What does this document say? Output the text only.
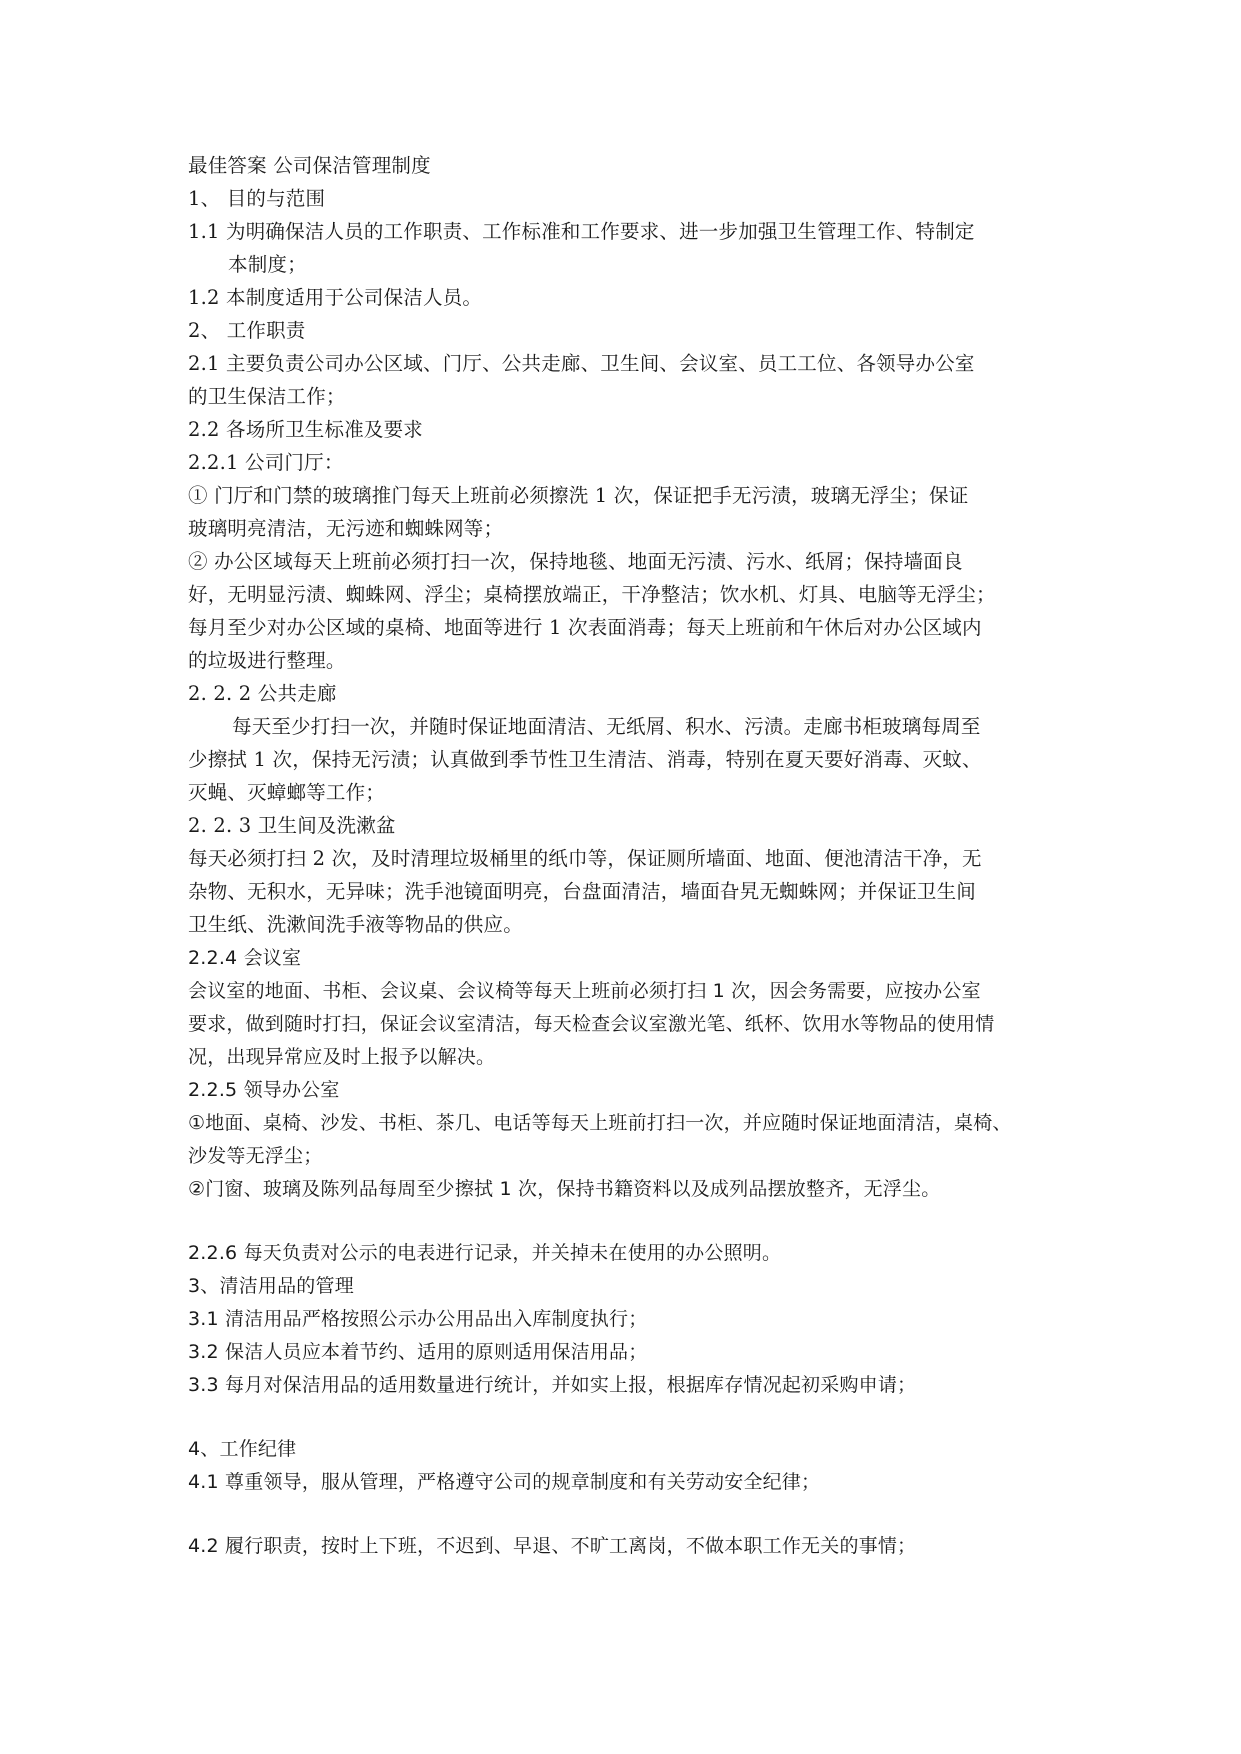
最佳答案 公司保洁管理制度
1、 目的与范围
1.1 为明确保洁人员的工作职责、工作标准和工作要求、进一步加强卫生管理工作、特制定
本制度；
1.2 本制度适用于公司保洁人员。
2、 工作职责
2.1 主要负责公司办公区域、门厅、公共走廊、卫生间、会议室、员工工位、各领导办公室
的卫生保洁工作；
2.2 各场所卫生标准及要求
2.2.1 公司门厅：
① 门厅和门禁的玻璃推门每天上班前必须擦洗 1 次，保证把手无污渍，玻璃无浮尘；保证
玻璃明亮清洁，无污迹和蜘蛛网等；
② 办公区域每天上班前必须打扫一次，保持地毯、地面无污渍、污水、纸屑；保持墙面良
好，无明显污渍、蜘蛛网、浮尘；桌椅摆放端正，干净整洁；饮水机、灯具、电脑等无浮尘；
每月至少对办公区域的桌椅、地面等进行 1 次表面消毒；每天上班前和午休后对办公区域内
的垃圾进行整理。
2. 2. 2 公共走廊
每天至少打扫一次，并随时保证地面清洁、无纸屑、积水、污渍。走廊书柜玻璃每周至
少擦拭 1 次，保持无污渍；认真做到季节性卫生清洁、消毒，特别在夏天要好消毒、灭蚊、
灭蝇、灭蟑螂等工作；
2. 2. 3 卫生间及洗漱盆
每天必须打扫 2 次，及时清理垃圾桶里的纸巾等，保证厕所墙面、地面、便池清洁干净，无
杂物、无积水，无异味；洗手池镜面明亮，台盘面清洁，墙面旮旯无蜘蛛网；并保证卫生间
卫生纸、洗漱间洗手液等物品的供应。
2.2.4 会议室
会议室的地面、书柜、会议桌、会议椅等每天上班前必须打扫 1 次，因会务需要，应按办公室
要求，做到随时打扫，保证会议室清洁，每天检查会议室激光笔、纸杯、饮用水等物品的使用情
况，出现异常应及时上报予以解决。
2.2.5 领导办公室
①地面、桌椅、沙发、书柜、茶几、电话等每天上班前打扫一次，并应随时保证地面清洁，桌椅、
沙发等无浮尘；
②门窗、玻璃及陈列品每周至少擦拭 1 次，保持书籍资料以及成列品摆放整齐，无浮尘。
2.2.6 每天负责对公示的电表进行记录，并关掉未在使用的办公照明。
3、清洁用品的管理
3.1 清洁用品严格按照公示办公用品出入库制度执行；
3.2 保洁人员应本着节约、适用的原则适用保洁用品；
3.3 每月对保洁用品的适用数量进行统计，并如实上报，根据库存情况起初采购申请；
4、工作纪律
4.1 尊重领导，服从管理，严格遵守公司的规章制度和有关劳动安全纪律；
4.2 履行职责，按时上下班，不迟到、早退、不旷工离岗，不做本职工作无关的事情；
